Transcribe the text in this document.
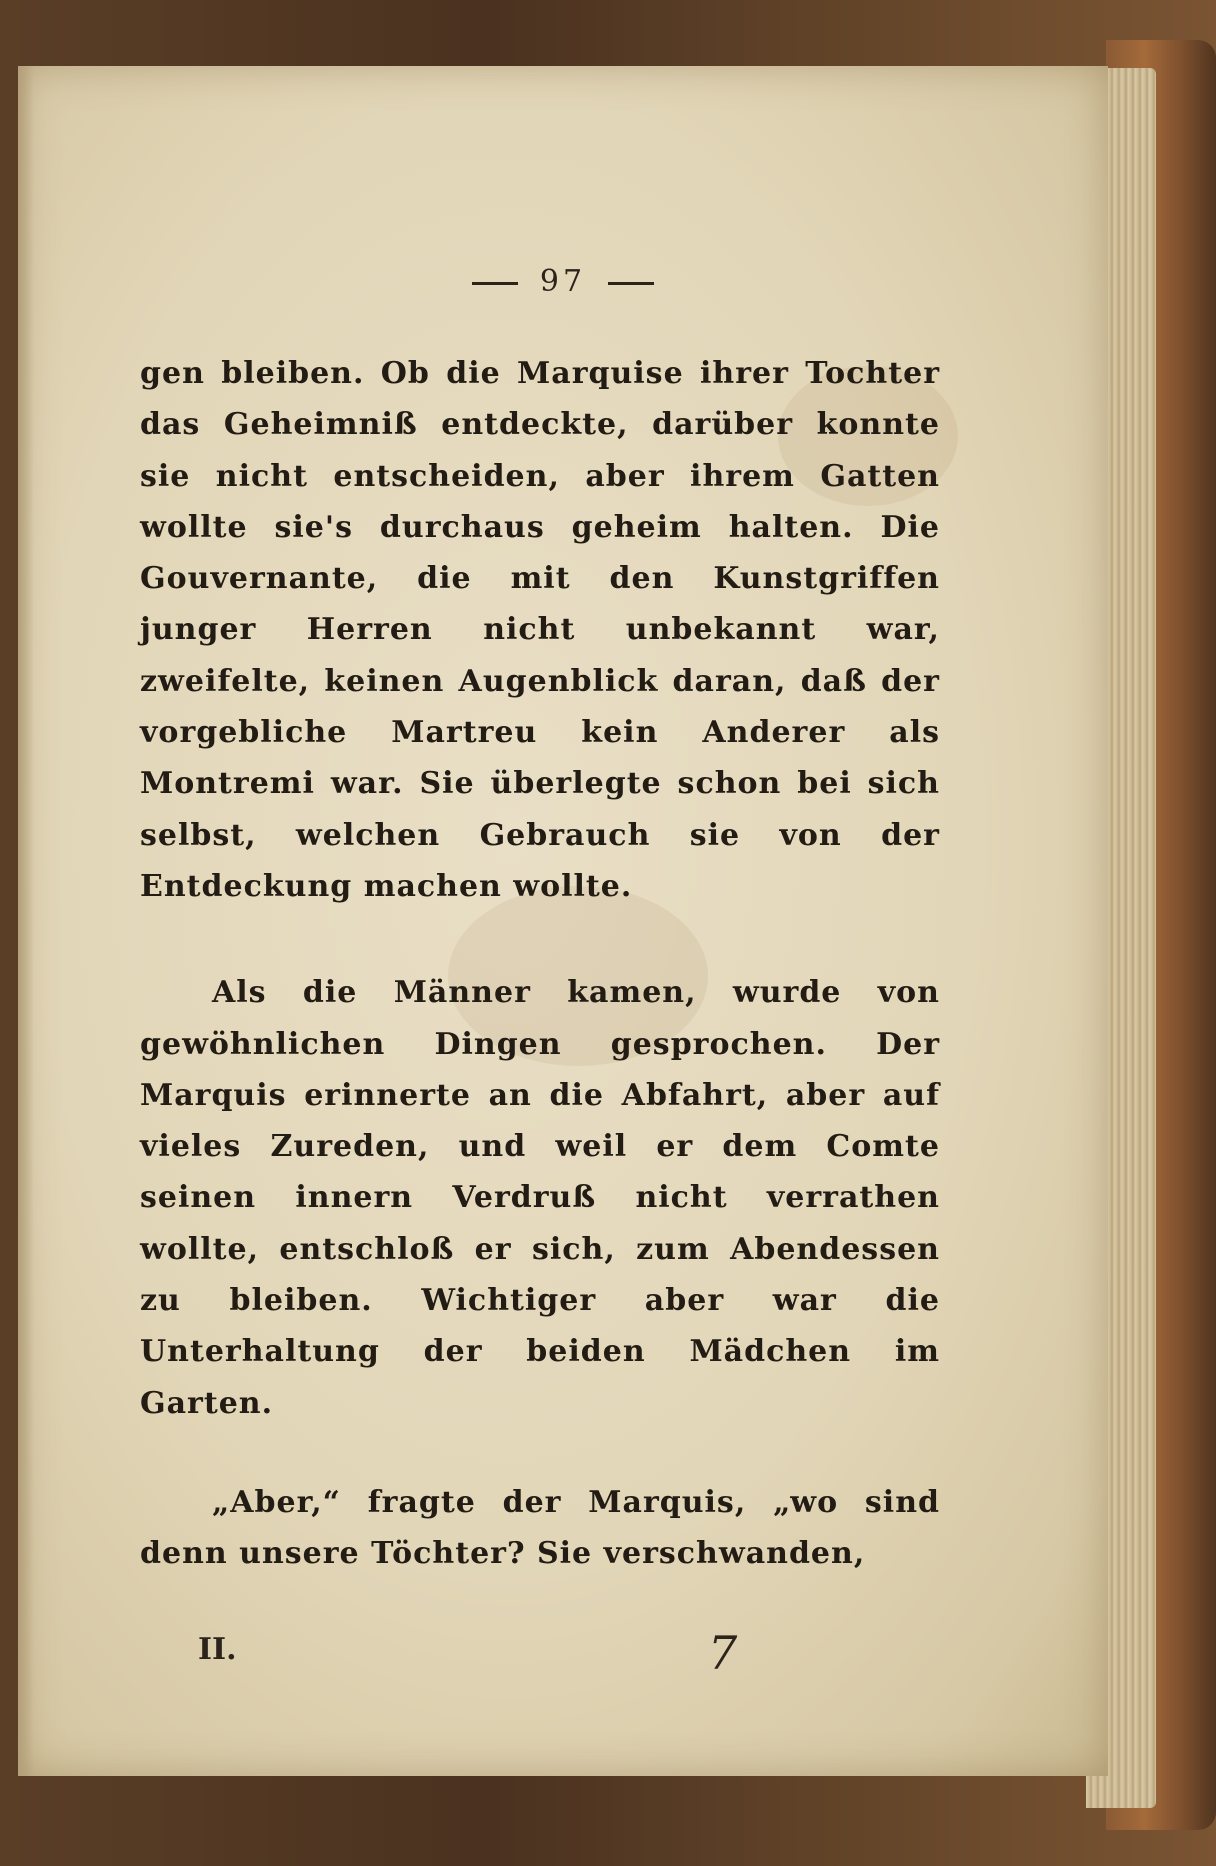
97

gen bleiben. Ob die Marquise ihrer Tochter das Geheimniß entdeckte, darüber konnte sie nicht entscheiden, aber ihrem Gatten wollte sie's durchaus geheim halten. Die Gouvernante, die mit den Kunstgriffen junger Herren nicht unbekannt war, zweifelte, keinen Augenblick daran, daß der vorgebliche Martreu kein Anderer als Montremi war. Sie überlegte schon bei sich selbst, welchen Gebrauch sie von der Entdeckung machen wollte.

Als die Männer kamen, wurde von gewöhnlichen Dingen gesprochen. Der Marquis erinnerte an die Abfahrt, aber auf vieles Zureden, und weil er dem Comte seinen innern Verdruß nicht verrathen wollte, entschloß er sich, zum Abendessen zu bleiben. Wichtiger aber war die Unterhaltung der beiden Mädchen im Garten.

„Aber,“ fragte der Marquis, „wo sind denn unsere Töchter? Sie verschwanden,

II.	7
